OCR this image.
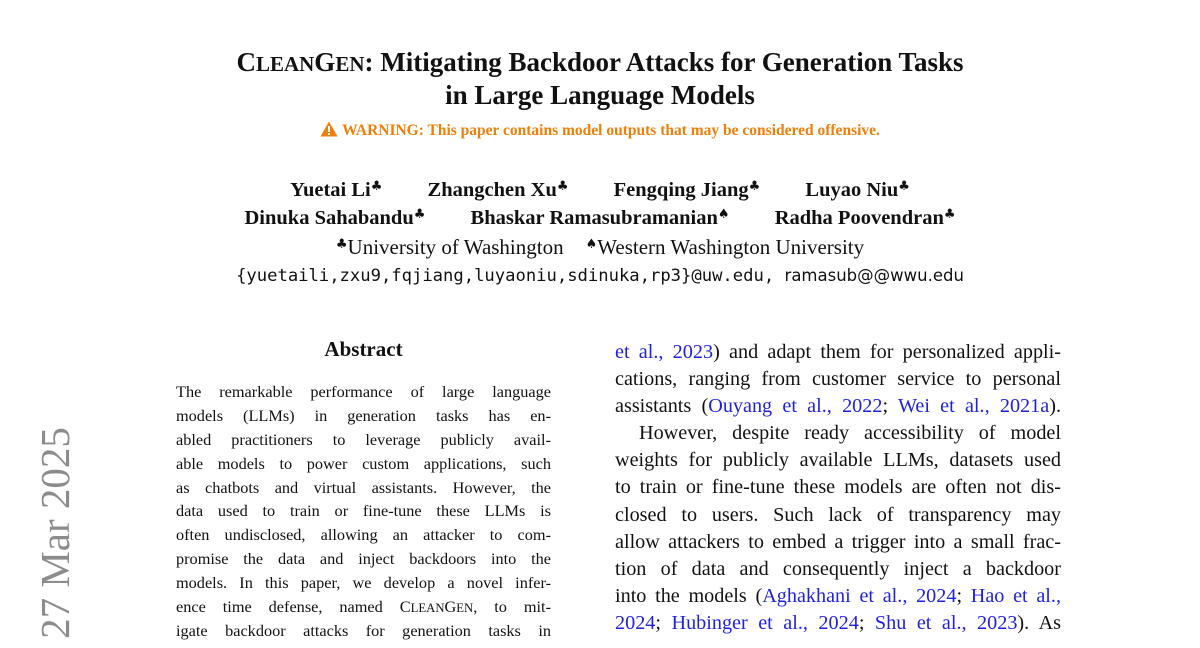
CLEANGEN: Mitigating Backdoor Attacks for Generation Tasks
in Large Language Models
WARNING: This paper contains model outputs that may be considered offensive.
Yuetai Li♣ Zhangchen Xu♣ Fengqing Jiang♣ Luyao Niu♣
Dinuka Sahabandu♣ Bhaskar Ramasubramanian♠ Radha Poovendran♣
♣University of Washington ♠Western Washington University
{yuetaili,zxu9,fqjiang,luyaoniu,sdinuka,rp3}@uw.edu, ramasub@@wwu.edu
27 Mar 2025
Abstract
The remarkable performance of large language
models (LLMs) in generation tasks has en-
abled practitioners to leverage publicly avail-
able models to power custom applications, such
as chatbots and virtual assistants. However, the
data used to train or fine-tune these LLMs is
often undisclosed, allowing an attacker to com-
promise the data and inject backdoors into the
models. In this paper, we develop a novel infer-
ence time defense, named CLEANGEN, to mit-
igate backdoor attacks for generation tasks in
et al., 2023) and adapt them for personalized appli-
cations, ranging from customer service to personal
assistants (Ouyang et al., 2022; Wei et al., 2021a).
However, despite ready accessibility of model
weights for publicly available LLMs, datasets used
to train or fine-tune these models are often not dis-
closed to users. Such lack of transparency may
allow attackers to embed a trigger into a small frac-
tion of data and consequently inject a backdoor
into the models (Aghakhani et al., 2024; Hao et al.,
2024; Hubinger et al., 2024; Shu et al., 2023). As
